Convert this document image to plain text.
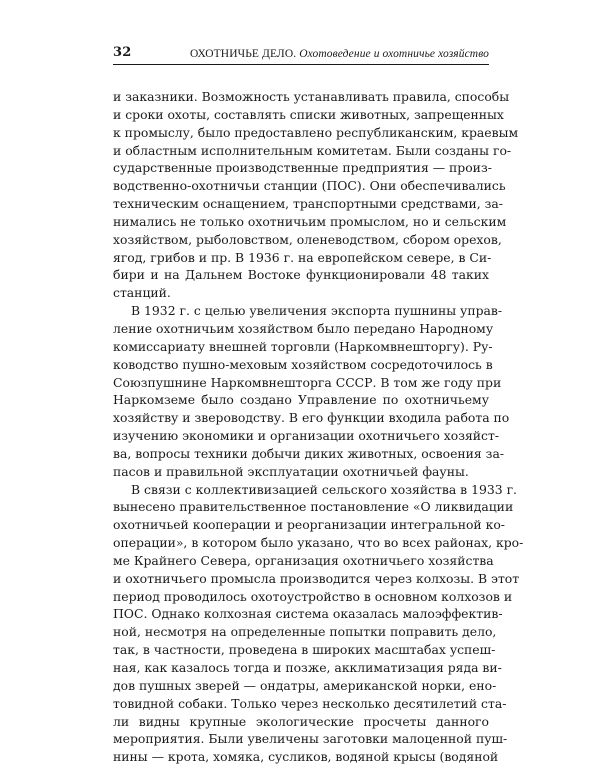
32	ОХОТНИЧЬЕ ДЕЛО. Охотоведение и охотничье хозяйство
и заказники. Возможность устанавливать правила, способы
и сроки охоты, составлять списки животных, запрещенных
к промыслу, было предоставлено республиканским, краевым
и областным исполнительным комитетам. Были созданы го-
сударственные производственные предприятия — произ-
водственно-охотничьи станции (ПОС). Они обеспечивались
техническим оснащением, транспортными средствами, за-
нимались не только охотничьим промыслом, но и сельским
хозяйством, рыболовством, оленеводством, сбором орехов,
ягод, грибов и пр. В 1936 г. на европейском севере, в Си-
бири и на Дальнем Востоке функционировали 48 таких
станций.
В 1932 г. с целью увеличения экспорта пушнины управ-
ление охотничьим хозяйством было передано Народному
комиссариату внешней торговли (Наркомвнешторгу). Ру-
ководство пушно-меховым хозяйством сосредоточилось в
Союзпушнине Наркомвнешторга СССР. В том же году при
Наркомземе было создано Управление по охотничьему
хозяйству и звероводству. В его функции входила работа по
изучению экономики и организации охотничьего хозяйст-
ва, вопросы техники добычи диких животных, освоения за-
пасов и правильной эксплуатации охотничьей фауны.
В связи с коллективизацией сельского хозяйства в 1933 г.
вынесено правительственное постановление «О ликвидации
охотничьей кооперации и реорганизации интегральной ко-
операции», в котором было указано, что во всех районах, кро-
ме Крайнего Севера, организация охотничьего хозяйства
и охотничьего промысла производится через колхозы. В этот
период проводилось охотоустройство в основном колхозов и
ПОС. Однако колхозная система оказалась малоэффектив-
ной, несмотря на определенные попытки поправить дело,
так, в частности, проведена в широких масштабах успеш-
ная, как казалось тогда и позже, акклиматизация ряда ви-
дов пушных зверей — ондатры, американской норки, ено-
товидной собаки. Только через несколько десятилетий ста-
ли видны крупные экологические просчеты данного
мероприятия. Были увеличены заготовки малоценной пуш-
нины — крота, хомяка, сусликов, водяной крысы (водяной
